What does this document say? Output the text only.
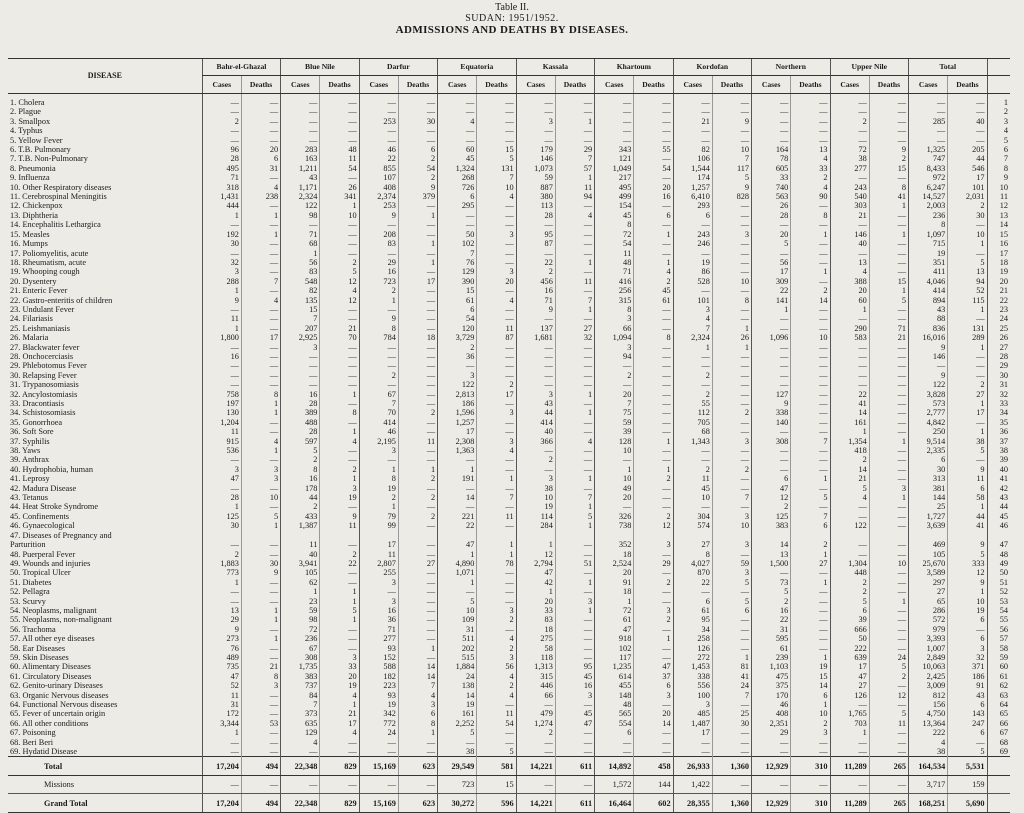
Table II.
SUDAN: 1951/1952.
ADMISSIONS AND DEATHS BY DISEASES.
DISEASE	Bahr-el-Ghazal		Blue Nile		Darfur		Equatoria		Kassala		Khartoum		Kordofan		Northern		Upper Nile		Total		
	Cases	Deaths	Cases	Deaths	Cases	Deaths	Cases	Deaths	Cases	Deaths	Cases	Deaths	Cases	Deaths	Cases	Deaths	Cases	Deaths	Cases	Deaths	
1. Cholera	—	—	—	—	—	—	—	—	—	—	—	—	—	—	—	—	—	—	—	—	1
2. Plague	—	—	—	—	—	—	—	—	—	—	—	—	—	—	—	—	—	—	—	—	2
3. Smallpox	2	—	—	—	253	30	4	—	3	1	—	—	21	9	—	—	2	—	285	40	3
4. Typhus	—	—	—	—	—	—	—	—	—	—	—	—	—	—	—	—	—	—	—	—	4
5. Yellow Fever	—	—	—	—	—	—	—	—	—	—	—	—	—	—	—	—	—	—	—	—	5
6. T.B. Pulmonary	96	20	283	48	46	6	60	15	179	29	343	55	82	10	164	13	72	9	1,325	205	6
7. T.B. Non-Pulmonary	28	6	163	11	22	2	45	5	146	7	121	—	106	7	78	4	38	2	747	44	7
8. Pneumonia	495	31	1,211	54	855	54	1,324	131	1,073	57	1,049	54	1,544	117	605	33	277	15	8,433	546	8
9. Influenza	71	—	43	—	107	2	268	7	59	1	217	—	174	5	33	2	—	—	972	17	9
10. Other Respiratory diseases	318	4	1,171	26	408	9	726	10	887	11	495	20	1,257	9	740	4	243	8	6,247	101	10
11. Cerebrospinal Meningitis	1,431	238	2,324	341	2,374	379	6	4	380	94	499	16	6,410	828	563	90	540	41	14,527	2,031	11
12. Chickenpox	444	—	122	1	253	—	295	—	113	—	154	—	293	—	26	—	303	1	2,003	2	12
13. Diphtheria	1	1	98	10	9	1	—	—	28	4	45	6	6	—	28	8	21	—	236	30	13
14. Encephalitis Lethargica	—	—	—	—	—	—	—	—	—	—	8	—	—	—	—	—	—	—	8	—	14
15. Measles	192	1	71	—	208	—	50	3	95	—	72	1	243	3	20	1	146	1	1,097	10	15
16. Mumps	30	—	68	—	83	1	102	—	87	—	54	—	246	—	5	—	40	—	715	1	16
17. Poliomyelitis, acute	—	—	1	—	—	—	7	—	—	—	11	—	—	—	—	—	—	—	19	—	17
18. Rheumatism, acute	32	—	56	2	29	1	76	—	22	1	48	1	19	—	56	—	13	—	351	5	18
19. Whooping cough	3	—	83	5	16	—	129	3	2	—	71	4	86	—	17	1	4	—	411	13	19
20. Dysentery	288	7	548	12	723	17	390	20	456	11	416	2	528	10	309	—	388	15	4,046	94	20
21. Enteric Fever	1	—	82	4	2	—	15	—	16	—	256	45	—	—	22	2	20	1	414	52	21
22. Gastro-enteritis of children	9	4	135	12	1	—	61	4	71	7	315	61	101	8	141	14	60	5	894	115	22
23. Undulant Fever	—	—	15	—	—	—	6	—	9	1	8	—	3	—	1	—	1	—	43	1	23
24. Filariasis	11	—	7	—	9	—	54	—	—	—	3	—	4	—	—	—	—	—	88	—	24
25. Leishmaniasis	1	—	207	21	8	—	120	11	137	27	66	—	7	1	—	—	290	71	836	131	25
26. Malaria	1,800	17	2,925	70	784	18	3,729	87	1,681	32	1,094	8	2,324	26	1,096	10	583	21	16,016	289	26
27. Blackwater fever	—	—	3	—	—	—	2	—	—	—	3	—	1	1	—	—	—	—	9	1	27
28. Onchocerciasis	16	—	—	—	—	—	36	—	—	—	94	—	—	—	—	—	—	—	146	—	28
29. Phlebotomus Fever	—	—	—	—	—	—	—	—	—	—	—	—	—	—	—	—	—	—	—	—	29
30. Relapsing Fever	—	—	—	—	2	—	3	—	—	—	2	—	2	—	—	—	—	—	9	—	30
31. Trypanosomiasis	—	—	—	—	—	—	122	2	—	—	—	—	—	—	—	—	—	—	122	2	31
32. Ancylostomiasis	758	8	16	1	67	—	2,813	17	3	1	20	—	2	—	127	—	22	—	3,828	27	32
33. Dracontiasis	197	1	28	—	7	—	186	—	43	—	7	—	55	—	9	—	41	—	573	1	33
34. Schistosomiasis	130	1	389	8	70	2	1,596	3	44	1	75	—	112	2	338	—	14	—	2,777	17	34
35. Gonorrhoea	1,204	—	488	—	414	—	1,257	—	414	—	59	—	705	—	140	—	161	—	4,842	—	35
36. Soft Sore	11	—	28	1	46	—	17	—	40	—	39	—	68	—	—	—	1	—	250	1	36
37. Syphilis	915	4	597	4	2,195	11	2,308	3	366	4	128	1	1,343	3	308	7	1,354	1	9,514	38	37
38. Yaws	536	1	5	—	3	—	1,363	4	—	—	10	—	—	—	—	—	418	—	2,335	5	38
39. Anthrax	—	—	2	—	—	—	—	—	2	—	—	—	—	—	—	—	2	—	6	—	39
40. Hydrophobia, human	3	3	8	2	1	1	1	—	—	—	1	1	2	2	—	—	14	—	30	9	40
41. Leprosy	47	3	16	1	8	2	191	1	3	1	10	2	11	—	6	1	21	—	313	11	41
42. Madura Disease	—	—	178	3	19	—	—	—	38	—	49	—	45	—	47	—	5	3	381	6	42
43. Tetanus	28	10	44	19	2	2	14	7	10	7	20	—	10	7	12	5	4	1	144	58	43
44. Heat Stroke Syndrome	1	—	2	—	1	—	—	—	19	1	—	—	—	—	2	—	—	—	25	1	44
45. Confinements	125	5	433	9	79	2	221	11	114	5	326	2	304	3	125	7	—	—	1,727	44	45
46. Gynaecological	30	1	1,387	11	99	—	22	—	284	1	738	12	574	10	383	6	122	—	3,639	41	46
47. Diseases of Pregnancy and																					
Parturition	—	—	11	—	17	—	47	1	1	—	352	3	27	3	14	2	—	—	469	9	47
48. Puerperal Fever	2	—	40	2	11	—	1	1	12	—	18	—	8	—	13	1	—	—	105	5	48
49. Wounds and injuries	1,883	30	3,941	22	2,807	27	4,890	78	2,794	51	2,524	29	4,027	59	1,500	27	1,304	10	25,670	333	49
50. Tropical Ulcer	773	9	105	—	255	—	1,071	—	47	—	20	—	870	3	—	—	448	—	3,589	12	50
51. Diabetes	1	—	62	—	3	—	1	—	42	1	91	2	22	5	73	1	2	—	297	9	51
52. Pellagra	—	—	1	1	—	—	—	—	1	—	18	—	—	—	5	—	2	—	27	1	52
53. Scurvy	—	—	23	1	3	—	5	—	20	3	1	—	6	5	2	—	5	1	65	10	53
54. Neoplasms, malignant	13	1	59	5	16	—	10	3	33	1	72	3	61	6	16	—	6	—	286	19	54
55. Neoplasms, non-malignant	29	1	98	1	36	—	109	2	83	—	61	2	95	—	22	—	39	—	572	6	55
56. Trachoma	9	—	72	—	71	—	31	—	18	—	47	—	34	—	31	—	666	—	979	—	56
57. All other eye diseases	273	1	236	—	277	—	511	4	275	—	918	1	258	—	595	—	50	—	3,393	6	57
58. Ear Diseases	76	—	67	—	93	1	202	2	58	—	102	—	126	—	61	—	222	—	1,007	3	58
59. Skin Diseases	489	—	308	3	152	—	515	3	118	—	117	—	272	1	239	1	639	24	2,849	32	59
60. Alimentary Diseases	735	21	1,735	33	588	14	1,884	56	1,313	95	1,235	47	1,453	81	1,103	19	17	5	10,063	371	60
61. Circulatory Diseases	47	8	383	20	182	14	24	4	315	45	614	37	338	41	475	15	47	2	2,425	186	61
62. Genito-urinary Diseases	52	3	737	19	223	7	138	2	446	16	455	6	556	24	375	14	27	—	3,009	91	62
63. Organic Nervous diseases	11	—	84	4	93	4	14	4	66	3	148	3	100	7	170	6	126	12	812	43	63
64. Functional Nervous diseases	31	—	7	1	19	3	19	—	—	—	48	—	3	—	46	1	—	—	156	6	64
65. Fever of uncertain origin	172	—	373	21	342	6	161	11	479	45	565	20	485	25	408	10	1,765	5	4,750	143	65
66. All other conditions	3,344	53	635	17	772	8	2,252	54	1,274	47	554	14	1,487	30	2,351	2	703	11	13,364	247	66
67. Poisoning	1	—	129	4	24	1	5	—	2	—	6	—	17	—	29	3	1	—	222	6	67
68. Beri Beri	—	—	4	—	—	—	—	—	—	—	—	—	—	—	—	—	—	—	4	—	68
69. Hydatid Disease	—	—	—	—	—	—	38	5	—	—	—	—	—	—	—	—	—	—	38	5	69
Total	17,204	494	22,348	829	15,169	623	29,549	581	14,221	611	14,892	458	26,933	1,360	12,929	310	11,289	265	164,534	5,531	
Missions	—	—	—	—	—	—	723	15	—	—	1,572	144	1,422	—	—	—	—	—	3,717	159	
Grand Total	17,204	494	22,348	829	15,169	623	30,272	596	14,221	611	16,464	602	28,355	1,360	12,929	310	11,289	265	168,251	5,690	
